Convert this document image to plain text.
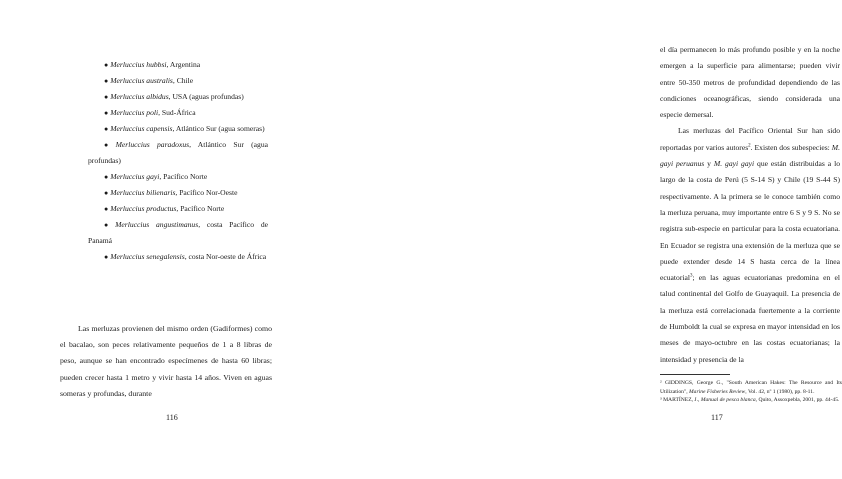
● Merluccius hubbsi, Argentina
● Merluccius australis, Chile
● Merluccius albidus, USA (aguas profundas)
● Merluccius poli, Sud-África
● Merluccius capensis, Atlántico Sur (agua someras)
● Merluccius paradoxus, Atlántico Sur (agua profundas)
● Merluccius gayi, Pacífico Norte
● Merluccius bilienaris, Pacífico Nor-Oeste
● Merluccius productus, Pacífico Norte
● Merluccius angustimanus, costa Pacífico de Panamá
● Merluccius senegalensis, costa Nor-oeste de África
Las merluzas provienen del mismo orden (Gadiformes) como el bacalao, son peces relativamente pequeños de 1 a 8 libras de peso, aunque se han encontrado especímenes de hasta 60 libras; pueden crecer hasta 1 metro y vivir hasta 14 años. Viven en aguas someras y profundas, durante
116

el día permanecen lo más profundo posible y en la noche emergen a la superficie para alimentarse; pueden vivir entre 50-350 metros de profundidad dependiendo de las condiciones oceanográficas, siendo considerada una especie demersal.

Las merluzas del Pacífico Oriental Sur han sido reportadas por varios autores$^2$. Existen dos subespecies: M. gayi peruanus y M. gayi gayi que están distribuidas a lo largo de la costa de Perú (5 S-14 S) y Chile (19 S-44 S) respectivamente. A la primera se le conoce también como la merluza peruana, muy importante entre 6 S y 9 S. No se registra sub-especie en particular para la costa ecuatoriana. En Ecuador se registra una extensión de la merluza que se puede extender desde 14 S hasta cerca de la línea ecuatorial$^3$; en las aguas ecuatorianas predomina en el talud continental del Golfo de Guayaquil. La presencia de la merluza está correlacionada fuertemente a la corriente de Humboldt la cual se expresa en mayor intensidad en los meses de mayo-octubre en las costas ecuatorianas; la intensidad y presencia de la

² GIDDINGS, George G., "South American Hakes: The Resource and Its Utilization", Marine Fisheries Review, Vol. 42, nº 1 (1980), pp. 8-11.
³ MARTÍNEZ, J., Manual de pesca blanca, Quito, Assoxpebla, 2001, pp. 44-45.
117
